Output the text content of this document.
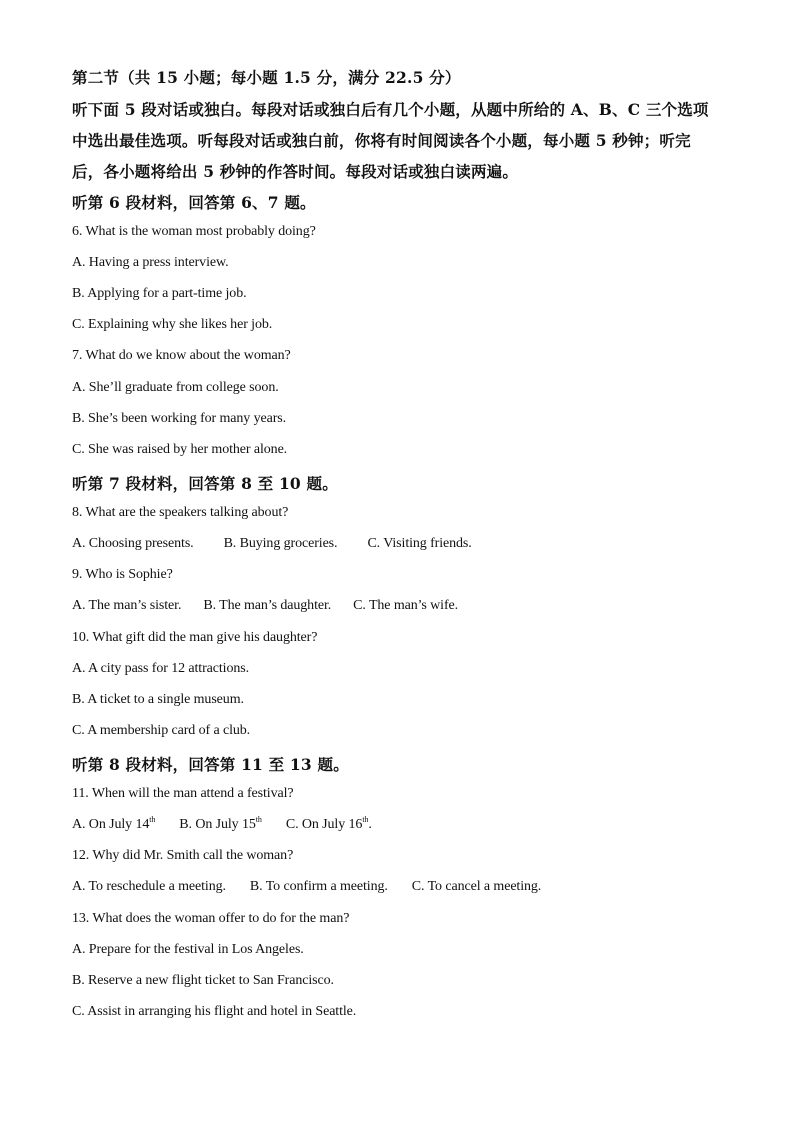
第二节（共 15 小题；每小题 1.5 分，满分 22.5 分）
听下面 5 段对话或独白。每段对话或独白后有几个小题，从题中所给的 A、B、C 三个选项
中选出最佳选项。听每段对话或独白前，你将有时间阅读各个小题，每小题 5 秒钟；听完
后，各小题将给出 5 秒钟的作答时间。每段对话或独白读两遍。
听第 6 段材料，回答第 6、7 题。
6. What is the woman most probably doing?
A. Having a press interview.
B. Applying for a part-time job.
C. Explaining why she likes her job.
7. What do we know about the woman?
A. She’ll graduate from college soon.
B. She’s been working for many years.
C. She was raised by her mother alone.
听第 7 段材料，回答第 8 至 10 题。
8. What are the speakers talking about?
A. Choosing presents. B. Buying groceries. C. Visiting friends.
9. Who is Sophie?
A. The man’s sister. B. The man’s daughter. C. The man’s wife.
10. What gift did the man give his daughter?
A. A city pass for 12 attractions.
B. A ticket to a single museum.
C. A membership card of a club.
听第 8 段材料，回答第 11 至 13 题。
11. When will the man attend a festival?
A. On July 14th B. On July 15th C. On July 16th.
12. Why did Mr. Smith call the woman?
A. To reschedule a meeting. B. To confirm a meeting. C. To cancel a meeting.
13. What does the woman offer to do for the man?
A. Prepare for the festival in Los Angeles.
B. Reserve a new flight ticket to San Francisco.
C. Assist in arranging his flight and hotel in Seattle.
